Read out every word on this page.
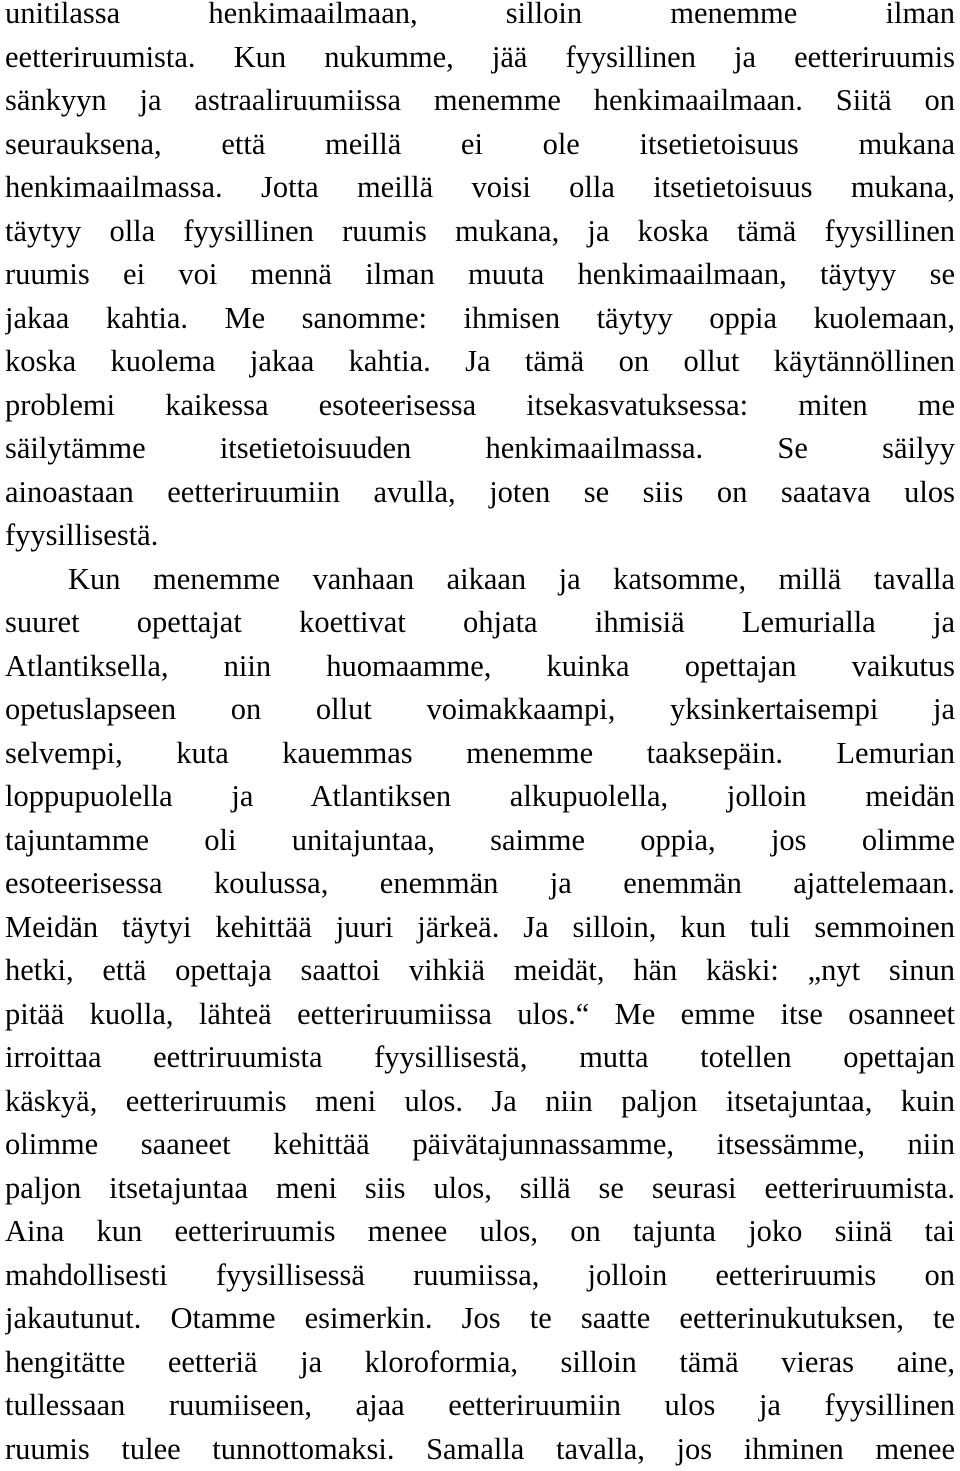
unitilassa henkimaailmaan, silloin menemme ilman
eetteriruumista. Kun nukumme, jää fyysillinen ja eetteriruumis
sänkyyn ja astraaliruumiissa menemme henkimaailmaan. Siitä on
seurauksena, että meillä ei ole itsetietoisuus mukana
henkimaailmassa. Jotta meillä voisi olla itsetietoisuus mukana,
täytyy olla fyysillinen ruumis mukana, ja koska tämä fyysillinen
ruumis ei voi mennä ilman muuta henkimaailmaan, täytyy se
jakaa kahtia. Me sanomme: ihmisen täytyy oppia kuolemaan,
koska kuolema jakaa kahtia. Ja tämä on ollut käytännöllinen
problemi kaikessa esoteerisessa itsekasvatuksessa: miten me
säilytämme itsetietoisuuden henkimaailmassa. Se säilyy
ainoastaan eetteriruumiin avulla, joten se siis on saatava ulos
fyysillisestä.
Kun menemme vanhaan aikaan ja katsomme, millä tavalla
suuret opettajat koettivat ohjata ihmisiä Lemurialla ja
Atlantiksella, niin huomaamme, kuinka opettajan vaikutus
opetuslapseen on ollut voimakkaampi, yksinkertaisempi ja
selvempi, kuta kauemmas menemme taaksepäin. Lemurian
loppupuolella ja Atlantiksen alkupuolella, jolloin meidän
tajuntamme oli unitajuntaa, saimme oppia, jos olimme
esoteerisessa koulussa, enemmän ja enemmän ajattelemaan.
Meidän täytyi kehittää juuri järkeä. Ja silloin, kun tuli semmoinen
hetki, että opettaja saattoi vihkiä meidät, hän käski: „nyt sinun
pitää kuolla, lähteä eetteriruumiissa ulos.“ Me emme itse osanneet
irroittaa eettriruumista fyysillisestä, mutta totellen opettajan
käskyä, eetteriruumis meni ulos. Ja niin paljon itsetajuntaa, kuin
olimme saaneet kehittää päivätajunnassamme, itsessämme, niin
paljon itsetajuntaa meni siis ulos, sillä se seurasi eetteriruumista.
Aina kun eetteriruumis menee ulos, on tajunta joko siinä tai
mahdollisesti fyysillisessä ruumiissa, jolloin eetteriruumis on
jakautunut. Otamme esimerkin. Jos te saatte eetterinukutuksen, te
hengitätte eetteriä ja kloroformia, silloin tämä vieras aine,
tullessaan ruumiiseen, ajaa eetteriruumiin ulos ja fyysillinen
ruumis tulee tunnottomaksi. Samalla tavalla, jos ihminen menee
